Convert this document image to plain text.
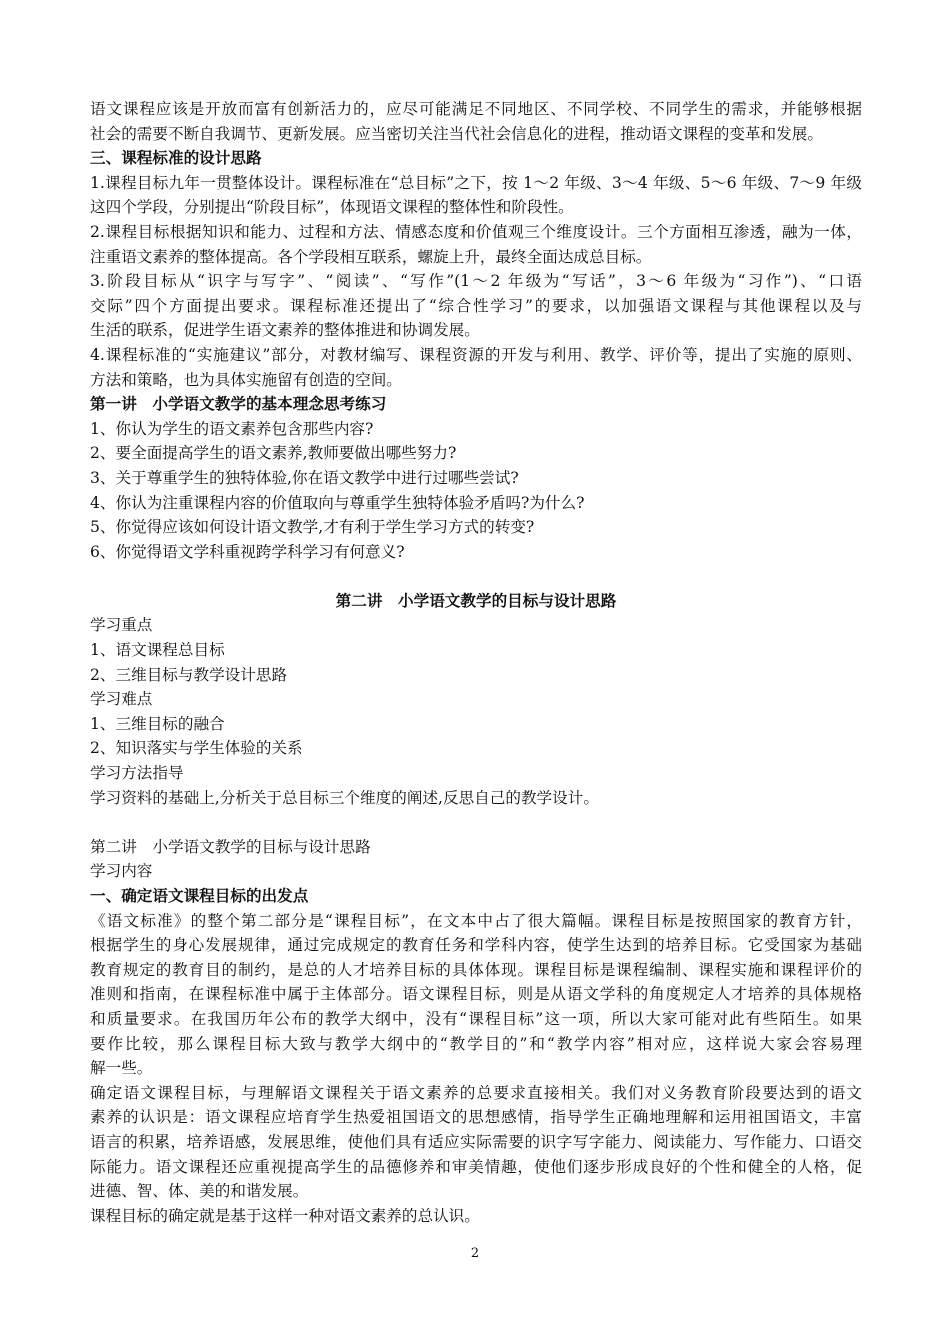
语文课程应该是开放而富有创新活力的，应尽可能满足不同地区、不同学校、不同学生的需求，并能够根据
社会的需要不断自我调节、更新发展。应当密切关注当代社会信息化的进程，推动语文课程的变革和发展。
三、课程标准的设计思路
1.课程目标九年一贯整体设计。课程标准在“总目标”之下，按 1～2 年级、3～4 年级、5～6 年级、7～9 年级
这四个学段，分别提出“阶段目标”，体现语文课程的整体性和阶段性。
2.课程目标根据知识和能力、过程和方法、情感态度和价值观三个维度设计。三个方面相互渗透，融为一体，
注重语文素养的整体提高。各个学段相互联系，螺旋上升，最终全面达成总目标。
3.阶段目标从“识字与写字”、“阅读”、“写作”(1～2 年级为“写话”，3～6 年级为“习作”)、“口语
交际”四个方面提出要求。课程标准还提出了“综合性学习”的要求，以加强语文课程与其他课程以及与
生活的联系，促进学生语文素养的整体推进和协调发展。
4.课程标准的“实施建议”部分，对教材编写、课程资源的开发与利用、教学、评价等，提出了实施的原则、
方法和策略，也为具体实施留有创造的空间。
第一讲　小学语文教学的基本理念思考练习
1、你认为学生的语文素养包含那些内容?
2、要全面提高学生的语文素养,教师要做出哪些努力?
3、关于尊重学生的独特体验,你在语文教学中进行过哪些尝试?
4、你认为注重课程内容的价值取向与尊重学生独特体验矛盾吗?为什么?
5、你觉得应该如何设计语文教学,才有利于学生学习方式的转变?
6、你觉得语文学科重视跨学科学习有何意义?
第二讲　小学语文教学的目标与设计思路
学习重点
1、语文课程总目标
2、三维目标与教学设计思路
学习难点
1、三维目标的融合
2、知识落实与学生体验的关系
学习方法指导
学习资料的基础上,分析关于总目标三个维度的阐述,反思自己的教学设计。
第二讲　小学语文教学的目标与设计思路
学习内容
一、确定语文课程目标的出发点
《语文标准》的整个第二部分是“课程目标”，在文本中占了很大篇幅。课程目标是按照国家的教育方针，
根据学生的身心发展规律，通过完成规定的教育任务和学科内容，使学生达到的培养目标。它受国家为基础
教育规定的教育目的制约，是总的人才培养目标的具体体现。课程目标是课程编制、课程实施和课程评价的
准则和指南，在课程标准中属于主体部分。语文课程目标，则是从语文学科的角度规定人才培养的具体规格
和质量要求。在我国历年公布的教学大纲中，没有“课程目标”这一项，所以大家可能对此有些陌生。如果
要作比较，那么课程目标大致与教学大纲中的“教学目的”和“教学内容”相对应，这样说大家会容易理
解一些。
确定语文课程目标，与理解语文课程关于语文素养的总要求直接相关。我们对义务教育阶段要达到的语文
素养的认识是：语文课程应培育学生热爱祖国语文的思想感情，指导学生正确地理解和运用祖国语文，丰富
语言的积累，培养语感，发展思维，使他们具有适应实际需要的识字写字能力、阅读能力、写作能力、口语交
际能力。语文课程还应重视提高学生的品德修养和审美情趣，使他们逐步形成良好的个性和健全的人格，促
进德、智、体、美的和谐发展。
课程目标的确定就是基于这样一种对语文素养的总认识。
2
